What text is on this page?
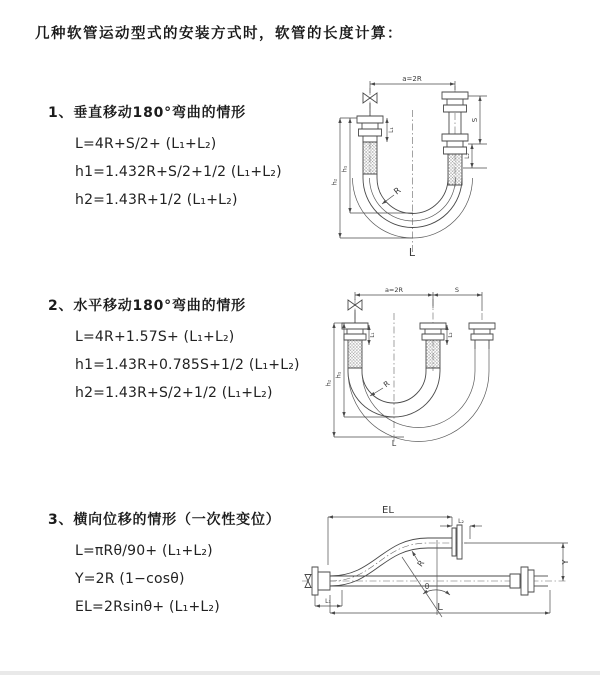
几种软管运动型式的安装方式时，软管的长度计算：
1、垂直移动180°弯曲的情形
L=4R+S/2+ (L₁+L₂)
h1=1.432R+S/2+1/2 (L₁+L₂)
h2=1.43R+1/2 (L₁+L₂)
2、水平移动180°弯曲的情形
L=4R+1.57S+ (L₁+L₂)
h1=1.43R+0.785S+1/2 (L₁+L₂)
h2=1.43R+S/2+1/2 (L₁+L₂)
3、横向位移的情形（一次性变位）
L=πRθ/90+ (L₁+L₂)
Y=2R (1−cosθ)
EL=2Rsinθ+ (L₁+L₂)
a=2R
h₂
h₁
L₁
S
L₂
R
L
a=2R	S
h₂
h₁
L₁	L₂
R
L
EL
L₂
Y
θ
R
L₁
L
